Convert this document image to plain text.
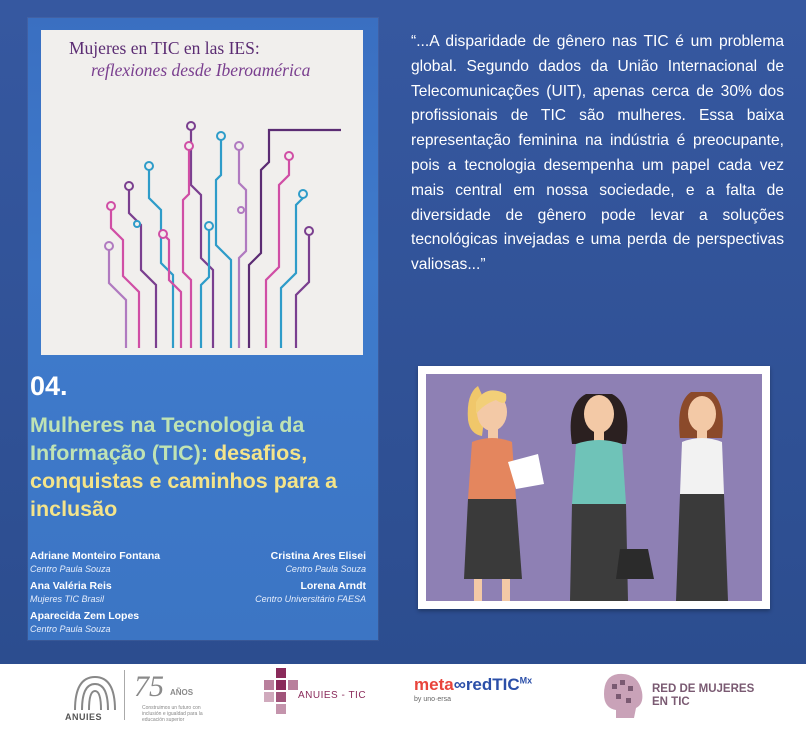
Mujeres en TIC en las IES:
reflexiones desde Iberoamérica
04.
Mulheres na Tecnologia da Informação (TIC): desafios, conquistas e caminhos para a inclusão
Adriane Monteiro Fontana
Centro Paula Souza
Ana Valéria Reis
Mujeres TIC Brasil
Aparecida Zem Lopes
Centro Paula Souza
Cristina Ares Elisei
Centro Paula Souza
Lorena Arndt
Centro Universitário FAESA
“...A disparidade de gênero nas TIC é um problema global. Segundo dados da União Internacional de Telecomunicações (UIT), apenas cerca de 30% dos profissionais de TIC são mulheres. Essa baixa representação feminina na indústria é preocupante, pois a tecnologia desempenha um papel cada vez mais central em nossa sociedade, e a falta de diversidade de gênero pode levar a soluções tecnológicas invejadas e uma perda de perspectivas valiosas...”
ANUIES
75 AÑOS
Construimos un futuro con inclusión e igualdad para la educación superior
ANUIES - TIC
meta∞redTIC$^{Mx}$
by uno·ersa
RED DE MUJERES
EN TIC
